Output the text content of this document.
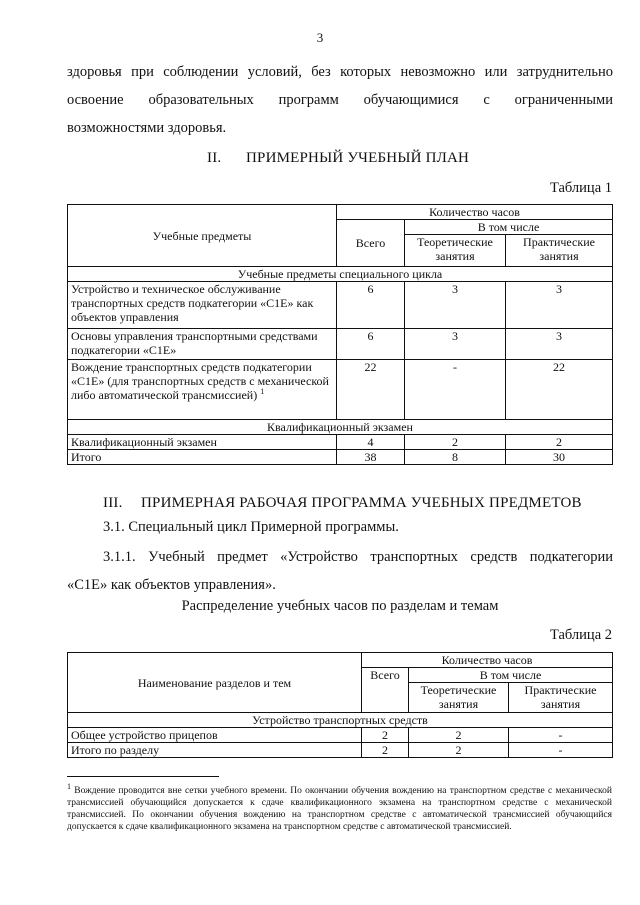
3
здоровья при соблюдении условий, без которых невозможно или затруднительно
освоение образовательных программ обучающимися с ограниченными
возможностями здоровья.
II. ПРИМЕРНЫЙ УЧЕБНЫЙ ПЛАН
Таблица 1
Учебные предметы	Количество часов		
	Всего	В том числе	
		Теоретические занятия	Практические занятия
Учебные предметы специального цикла			
Устройство и техническое обслуживание транспортных средств подкатегории «C1E» как объектов управления	6	3	3
Основы управления транспортными средствами подкатегории «C1E»	6	3	3
Вождение транспортных средств подкатегории «C1E» (для транспортных средств с механической либо автоматической трансмиссией) $^1$	22	-	22
Квалификационный экзамен			
Квалификационный экзамен	4	2	2
Итого	38	8	30
III. ПРИМЕРНАЯ РАБОЧАЯ ПРОГРАММА УЧЕБНЫХ ПРЕДМЕТОВ
3.1. Специальный цикл Примерной программы.
3.1.1. Учебный предмет «Устройство транспортных средств подкатегории
«C1E» как объектов управления».
Распределение учебных часов по разделам и темам
Таблица 2
Наименование разделов и тем	Количество часов		
	Всего	В том числе	
		Теоретические занятия	Практические занятия
Устройство транспортных средств			
Общее устройство прицепов	2	2	-
Итого по разделу	2	2	-
$^1$ Вождение проводится вне сетки учебного времени. По окончании обучения вождению на транспортном средстве с механической трансмиссией обучающийся допускается к сдаче квалификационного экзамена на транспортном средстве с механической трансмиссией. По окончании обучения вождению на транспортном средстве с автоматической трансмиссией обучающийся допускается к сдаче квалификационного экзамена на транспортном средстве с автоматической трансмиссией.
